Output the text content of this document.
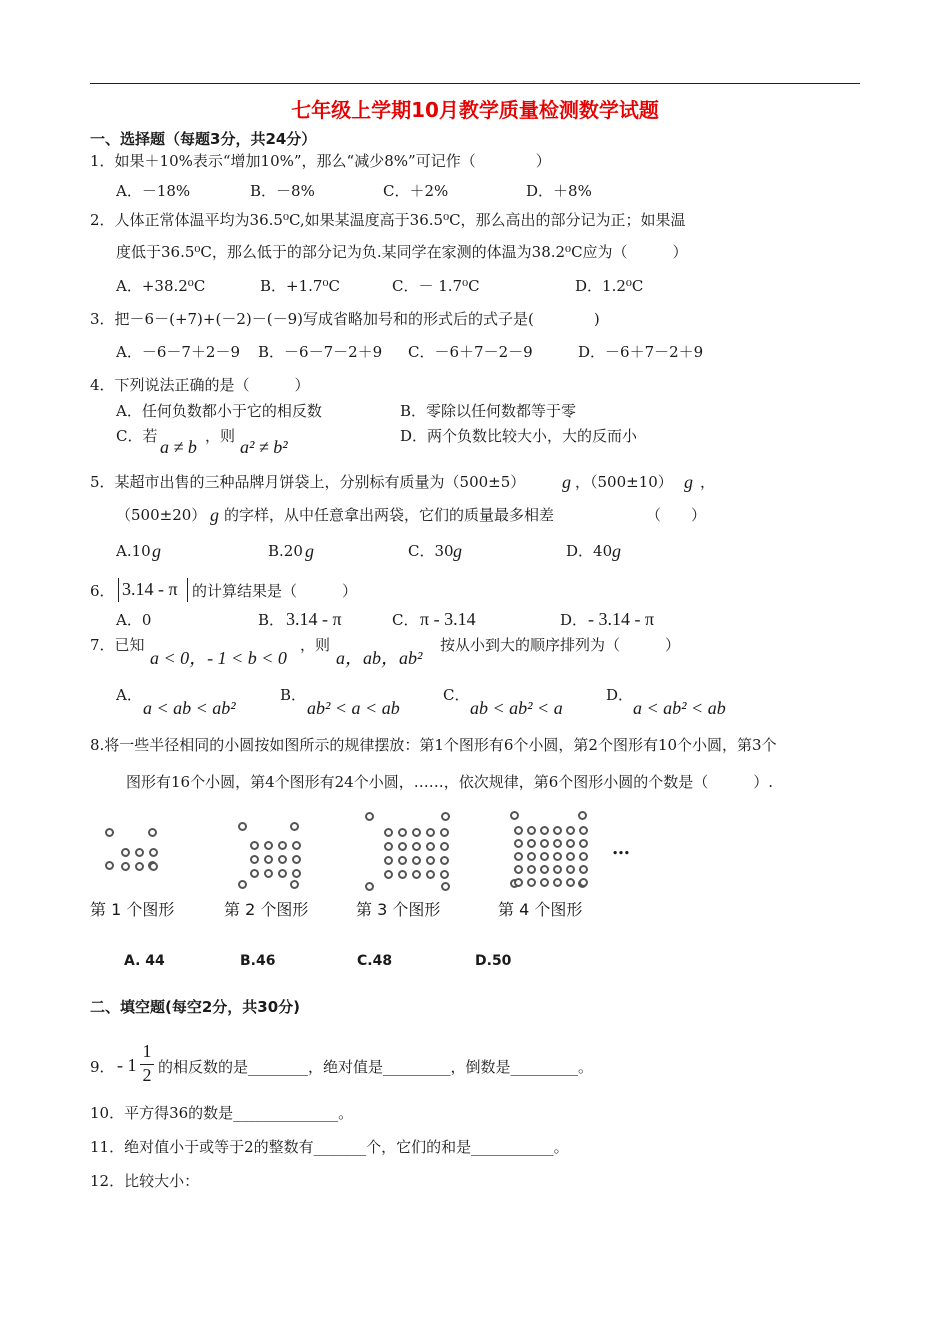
七年级上学期10月教学质量检测数学试题
一、选择题（每题3分，共24分）
1．如果＋10%表示“增加10%”，那么“减少8%”可记作（　　　　）
A．－18%	B．－8%	C．＋2%	D．＋8%
2．人体正常体温平均为36.5⁰C,如果某温度高于36.5⁰C，那么高出的部分记为正；如果温
度低于36.5⁰C，那么低于的部分记为负.某同学在家测的体温为38.2⁰C应为（　　　）
A．+38.2⁰C	B．+1.7⁰C	C．－ 1.7⁰C	D．1.2⁰C
3．把－6－(+7)+(－2)－(－9)写成省略加号和的形式后的式子是(　　　　)
A．－6－7＋2－9 B．－6－7－2＋9 C．－6＋7－2－9	D．－6＋7－2＋9
4．下列说法正确的是（　　　）
A．任何负数都小于它的相反数	B．零除以任何数都等于零
C．若
a ≠ b
，则
a² ≠ b²
D．两个负数比较大小，大的反而小
5．某超市出售的三种品牌月饼袋上，分别标有质量为（500±5） g ，（500±10） g ，
（500±20） g 的字样，从中任意拿出两袋，它们的质量最多相差	（　　）
A.10 g	B.20 g	C．30 g	D．40 g
6． 3.14 - π 的计算结果是（　　　）
A．0	B． 3.14 - π	C． π - 3.14	D． - 3.14 - π
7．已知
a < 0，- 1 < b < 0
，则
a，ab，ab²
按从小到大的顺序排列为（　　　）
A．
a < ab < ab²
B．
ab² < a < ab
C．
ab < ab² < a
D．
a < ab² < ab
8.将一些半径相同的小圆按如图所示的规律摆放：第1个图形有6个小圆，第2个图形有10个小圆，第3个
图形有16个小圆，第4个图形有24个小圆，……，依次规律，第6个图形小圆的个数是（　　　）.
…
第 1 个图形	第 2 个图形	第 3 个图形	第 4 个图形
A. 44	B.46	C.48	D.50
二、填空题(每空2分，共30分)
9． - 1
1
2 的相反数的是________，绝对值是_________，倒数是_________。
10．平方得36的数是______________。
11．绝对值小于或等于2的整数有_______个，它们的和是___________。
12．比较大小：
